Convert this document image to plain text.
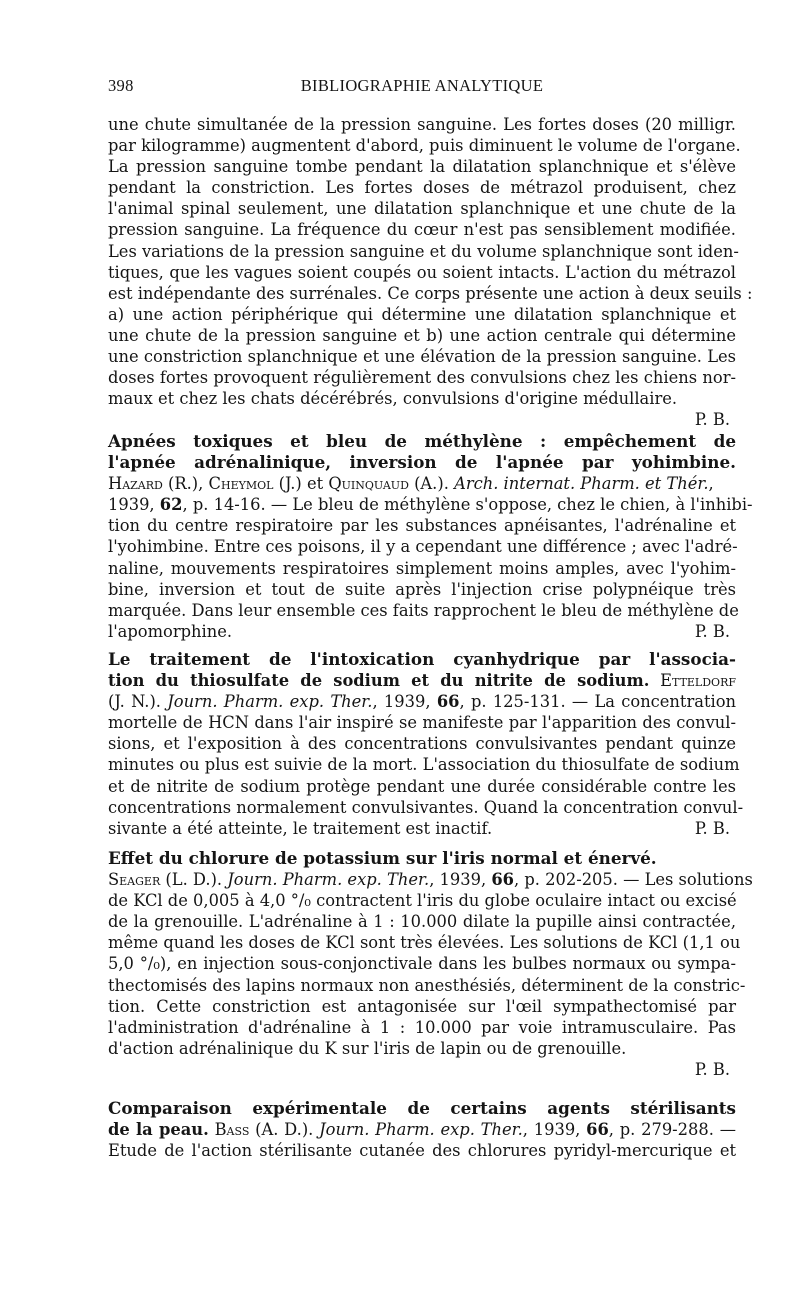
398	BIBLIOGRAPHIE ANALYTIQUE
une chute simultanée de la pression sanguine. Les fortes doses (20 milligr.
par kilogramme) augmentent d'abord, puis diminuent le volume de l'organe.
La pression sanguine tombe pendant la dilatation splanchnique et s'élève
pendant la constriction. Les fortes doses de métrazol produisent, chez
l'animal spinal seulement, une dilatation splanchnique et une chute de la
pression sanguine. La fréquence du cœur n'est pas sensiblement modifiée.
Les variations de la pression sanguine et du volume splanchnique sont iden-
tiques, que les vagues soient coupés ou soient intacts. L'action du métrazol
est indépendante des surrénales. Ce corps présente une action à deux seuils :
a) une action périphérique qui détermine une dilatation splanchnique et
une chute de la pression sanguine et b) une action centrale qui détermine
une constriction splanchnique et une élévation de la pression sanguine. Les
doses fortes provoquent régulièrement des convulsions chez les chiens nor-
maux et chez les chats décérébrés, convulsions d'origine médullaire.
P. B.
Apnées toxiques et bleu de méthylène : empêchement de
l'apnée adrénalinique, inversion de l'apnée par yohimbine.
Hazard (R.), Cheymol (J.) et Quinquaud (A.). Arch. internat. Pharm. et Thér.,
1939, 62, p. 14-16. — Le bleu de méthylène s'oppose, chez le chien, à l'inhibi-
tion du centre respiratoire par les substances apnéisantes, l'adrénaline et
l'yohimbine. Entre ces poisons, il y a cependant une différence ; avec l'adré-
naline, mouvements respiratoires simplement moins amples, avec l'yohim-
bine, inversion et tout de suite après l'injection crise polypnéique très
marquée. Dans leur ensemble ces faits rapprochent le bleu de méthylène de
l'apomorphine.	P. B.
Le traitement de l'intoxication cyanhydrique par l'associa-
tion du thiosulfate de sodium et du nitrite de sodium. Etteldorf
(J. N.). Journ. Pharm. exp. Ther., 1939, 66, p. 125-131. — La concentration
mortelle de HCN dans l'air inspiré se manifeste par l'apparition des convul-
sions, et l'exposition à des concentrations convulsivantes pendant quinze
minutes ou plus est suivie de la mort. L'association du thiosulfate de sodium
et de nitrite de sodium protège pendant une durée considérable contre les
concentrations normalement convulsivantes. Quand la concentration convul-
sivante a été atteinte, le traitement est inactif.	P. B.
Effet du chlorure de potassium sur l'iris normal et énervé.
Seager (L. D.). Journ. Pharm. exp. Ther., 1939, 66, p. 202-205. — Les solutions
de KCl de 0,005 à 4,0 °/₀ contractent l'iris du globe oculaire intact ou excisé
de la grenouille. L'adrénaline à 1 : 10.000 dilate la pupille ainsi contractée,
même quand les doses de KCl sont très élevées. Les solutions de KCl (1,1 ou
5,0 °/₀), en injection sous-conjonctivale dans les bulbes normaux ou sympa-
thectomisés des lapins normaux non anesthésiés, déterminent de la constric-
tion. Cette constriction est antagonisée sur l'œil sympathectomisé par
l'administration d'adrénaline à 1 : 10.000 par voie intramusculaire. Pas
d'action adrénalinique du K sur l'iris de lapin ou de grenouille.
P. B.
Comparaison expérimentale de certains agents stérilisants
de la peau. Bass (A. D.). Journ. Pharm. exp. Ther., 1939, 66, p. 279-288. —
Etude de l'action stérilisante cutanée des chlorures pyridyl-mercurique et
